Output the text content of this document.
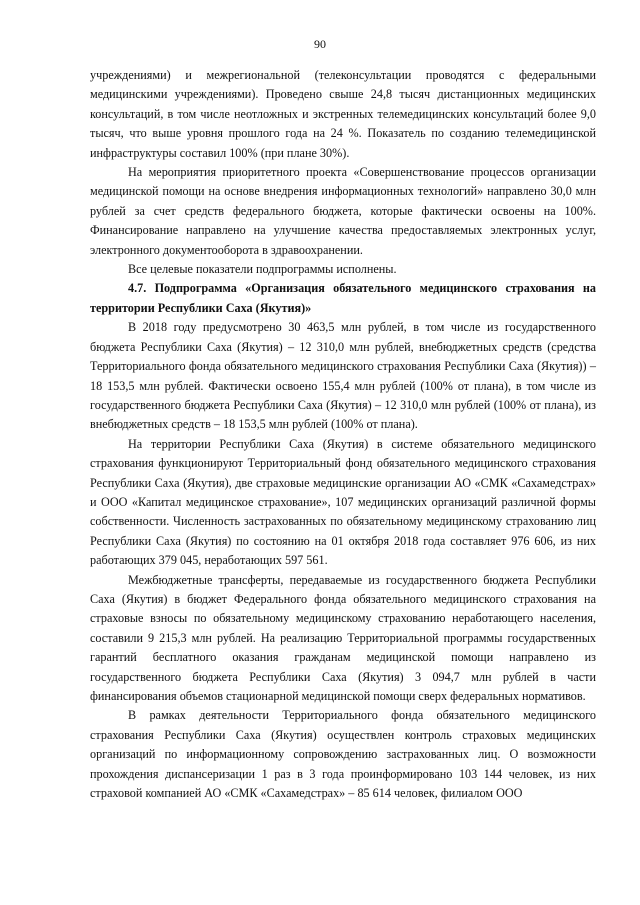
90

учреждениями) и межрегиональной (телеконсультации проводятся с федеральными медицинскими учреждениями). Проведено свыше 24,8 тысяч дистанционных медицинских консультаций, в том числе неотложных и экстренных телемедицинских консультаций более 9,0 тысяч, что выше уровня прошлого года на 24 %. Показатель по созданию телемедицинской инфраструктуры составил 100% (при плане 30%).

На мероприятия приоритетного проекта «Совершенствование процессов организации медицинской помощи на основе внедрения информационных технологий» направлено 30,0 млн рублей за счет средств федерального бюджета, которые фактически освоены на 100%. Финансирование направлено на улучшение качества предоставляемых электронных услуг, электронного документооборота в здравоохранении.

Все целевые показатели подпрограммы исполнены.

4.7. Подпрограмма «Организация обязательного медицинского страхования на территории Республики Саха (Якутия)»

В 2018 году предусмотрено 30 463,5 млн рублей, в том числе из государственного бюджета Республики Саха (Якутия) – 12 310,0 млн рублей, внебюджетных средств (средства Территориального фонда обязательного медицинского страхования Республики Саха (Якутия)) – 18 153,5 млн рублей. Фактически освоено 155,4 млн рублей (100% от плана), в том числе из государственного бюджета Республики Саха (Якутия) – 12 310,0 млн рублей (100% от плана), из внебюджетных средств – 18 153,5 млн рублей (100% от плана).

На территории Республики Саха (Якутия) в системе обязательного медицинского страхования функционируют Территориальный фонд обязательного медицинского страхования Республики Саха (Якутия), две страховые медицинские организации АО «СМК «Сахамедстрах» и ООО «Капитал медицинское страхование», 107 медицинских организаций различной формы собственности. Численность застрахованных по обязательному медицинскому страхованию лиц Республики Саха (Якутия) по состоянию на 01 октября 2018 года составляет 976 606, из них работающих 379 045, неработающих 597 561.

Межбюджетные трансферты, передаваемые из государственного бюджета Республики Саха (Якутия) в бюджет Федерального фонда обязательного медицинского страхования на страховые взносы по обязательному медицинскому страхованию неработающего населения, составили 9 215,3 млн рублей. На реализацию Территориальной программы государственных гарантий бесплатного оказания гражданам медицинской помощи направлено из государственного бюджета Республики Саха (Якутия) 3 094,7 млн рублей в части финансирования объемов стационарной медицинской помощи сверх федеральных нормативов.

В рамках деятельности Территориального фонда обязательного медицинского страхования Республики Саха (Якутия) осуществлен контроль страховых медицинских организаций по информационному сопровождению застрахованных лиц. О возможности прохождения диспансеризации 1 раз в 3 года проинформировано 103 144 человек, из них страховой компанией АО «СМК «Сахамедстрах» – 85 614 человек, филиалом ООО
